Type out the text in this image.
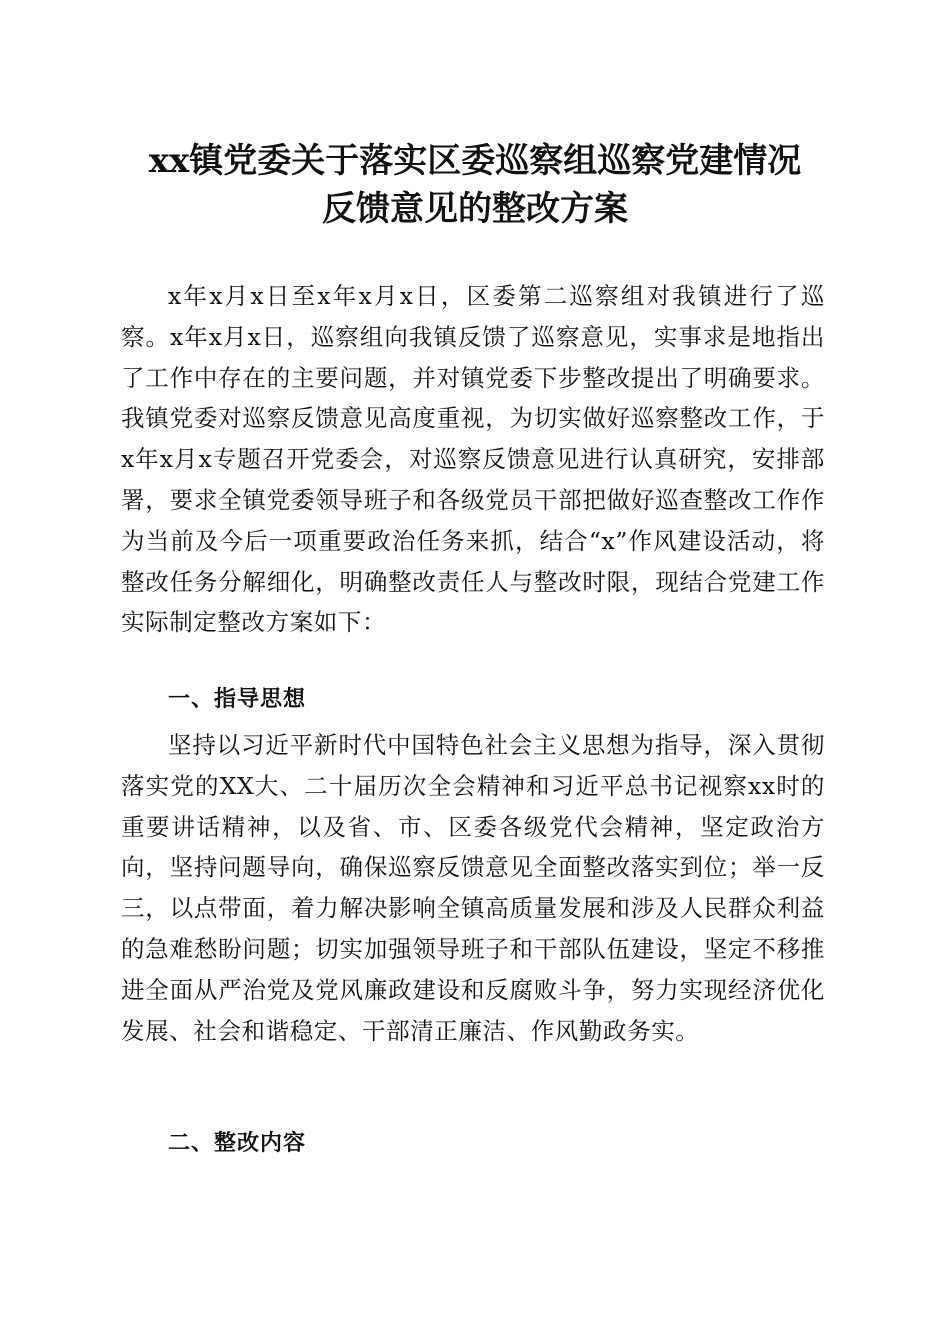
xx镇党委关于落实区委巡察组巡察党建情况
反馈意见的整改方案

x年x月x日至x年x月x日，区委第二巡察组对我镇进行了巡察。x年x月x日，巡察组向我镇反馈了巡察意见，实事求是地指出了工作中存在的主要问题，并对镇党委下步整改提出了明确要求。我镇党委对巡察反馈意见高度重视，为切实做好巡察整改工作，于x年x月x专题召开党委会，对巡察反馈意见进行认真研究，安排部署，要求全镇党委领导班子和各级党员干部把做好巡查整改工作作为当前及今后一项重要政治任务来抓，结合“x”作风建设活动，将整改任务分解细化，明确整改责任人与整改时限，现结合党建工作实际制定整改方案如下：

一、指导思想

坚持以习近平新时代中国特色社会主义思想为指导，深入贯彻落实党的XX大、二十届历次全会精神和习近平总书记视察xx时的重要讲话精神，以及省、市、区委各级党代会精神，坚定政治方向，坚持问题导向，确保巡察反馈意见全面整改落实到位；举一反三，以点带面，着力解决影响全镇高质量发展和涉及人民群众利益的急难愁盼问题；切实加强领导班子和干部队伍建设，坚定不移推进全面从严治党及党风廉政建设和反腐败斗争，努力实现经济优化发展、社会和谐稳定、干部清正廉洁、作风勤政务实。

二、整改内容
